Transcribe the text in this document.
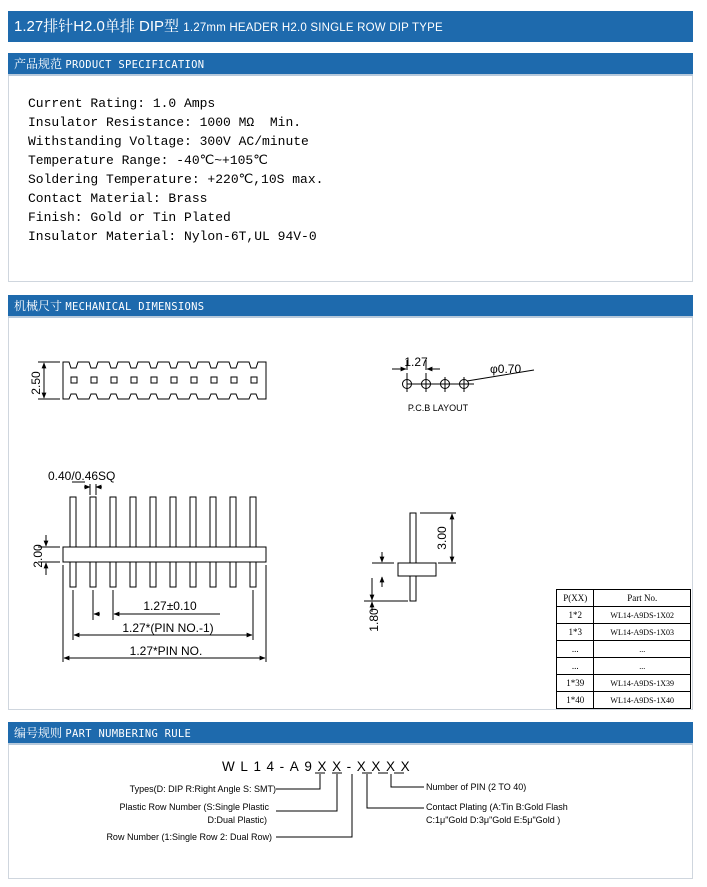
1.27排针H2.0单排 DIP型 1.27mm HEADER H2.0 SINGLE ROW DIP TYPE
产品规范 PRODUCT SPECIFICATION
Current Rating: 1.0 Amps
Insulator Resistance: 1000 MΩ  Min.
Withstanding Voltage: 300V AC/minute
Temperature Range: -40℃~+105℃
Soldering Temperature: +220℃,10S max.
Contact Material: Brass
Finish: Gold or Tin Plated
Insulator Material: Nylon-6T,UL 94V-0
机械尺寸 MECHANICAL DIMENSIONS
2.50
1.27	φ0.70
P.C.B LAYOUT
0.40/0.46SQ
2.00
1.27±0.10
1.27*(PIN NO.-1)
1.27*PIN NO.
3.00
1.80
P(XX)	Part No.
1*2	WL14-A9DS-1X02
1*3	WL14-A9DS-1X03
...	...
...	...
1*39	WL14-A9DS-1X39
1*40	WL14-A9DS-1X40
编号规则 PART NUMBERING RULE
WL14-A9XX-XXXX
Types(D: DIP R:Right Angle S: SMT)
Plastic Row Number (S:Single Plastic
D:Dual Plastic)
Row Number (1:Single Row 2: Dual Row)
Number of PIN (2 TO 40)
Contact Plating (A:Tin B:Gold Flash
C:1μ"Gold D:3μ"Gold E:5μ"Gold )
